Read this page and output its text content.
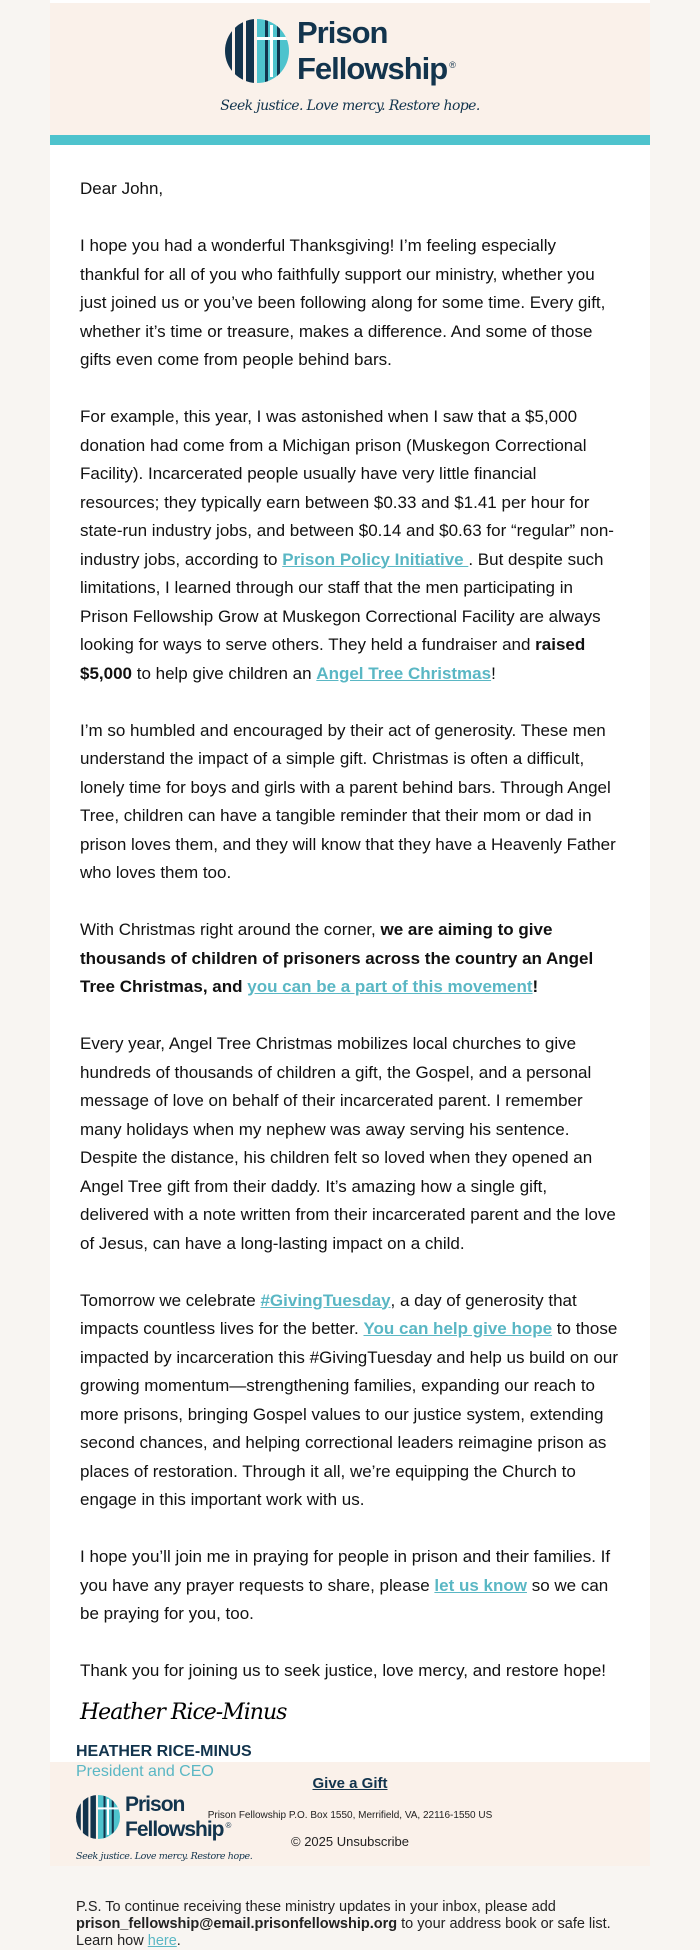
Prison
Fellowship ®
Seek justice. Love mercy. Restore hope.

Dear John,

I hope you had a wonderful Thanksgiving! I’m feeling especially thankful for all of you who faithfully support our ministry, whether you just joined us or you’ve been following along for some time. Every gift, whether it’s time or treasure, makes a difference. And some of those gifts even come from people behind bars.

For example, this year, I was astonished when I saw that a $5,000 donation had come from a Michigan prison (Muskegon Correctional Facility). Incarcerated people usually have very little financial resources; they typically earn between $0.33 and $1.41 per hour for state-run industry jobs, and between $0.14 and $0.63 for “regular” non-industry jobs, according to Prison Policy Initiative . But despite such limitations, I learned through our staff that the men participating in Prison Fellowship Grow at Muskegon Correctional Facility are always looking for ways to serve others. They held a fundraiser and raised $5,000 to help give children an Angel Tree Christmas!

I’m so humbled and encouraged by their act of generosity. These men understand the impact of a simple gift. Christmas is often a difficult, lonely time for boys and girls with a parent behind bars. Through Angel Tree, children can have a tangible reminder that their mom or dad in prison loves them, and they will know that they have a Heavenly Father who loves them too.

With Christmas right around the corner, we are aiming to give thousands of children of prisoners across the country an Angel Tree Christmas, and you can be a part of this movement!

Every year, Angel Tree Christmas mobilizes local churches to give hundreds of thousands of children a gift, the Gospel, and a personal message of love on behalf of their incarcerated parent. I remember many holidays when my nephew was away serving his sentence. Despite the distance, his children felt so loved when they opened an Angel Tree gift from their daddy. It’s amazing how a single gift, delivered with a note written from their incarcerated parent and the love of Jesus, can have a long-lasting impact on a child.

Tomorrow we celebrate #GivingTuesday, a day of generosity that impacts countless lives for the better. You can help give hope to those impacted by incarceration this #GivingTuesday and help us build on our growing momentum—strengthening families, expanding our reach to more prisons, bringing Gospel values to our justice system, extending second chances, and helping correctional leaders reimagine prison as places of restoration. Through it all, we’re equipping the Church to engage in this important work with us.

I hope you’ll join me in praying for people in prison and their families. If you have any prayer requests to share, please let us know so we can be praying for you, too.

Thank you for joining us to seek justice, love mercy, and restore hope!

Heather Rice-Minus
HEATHER RICE-MINUS
President and CEO
Prison
Fellowship ®
Seek justice. Love mercy. Restore hope.
P.S. To continue receiving these ministry updates in your inbox, please add prison_fellowship@email.prisonfellowship.org to your address book or safe list. Learn how here.
Give a Gift
Prison Fellowship P.O. Box 1550, Merrifield, VA, 22116-1550 US
© 2025 Unsubscribe
